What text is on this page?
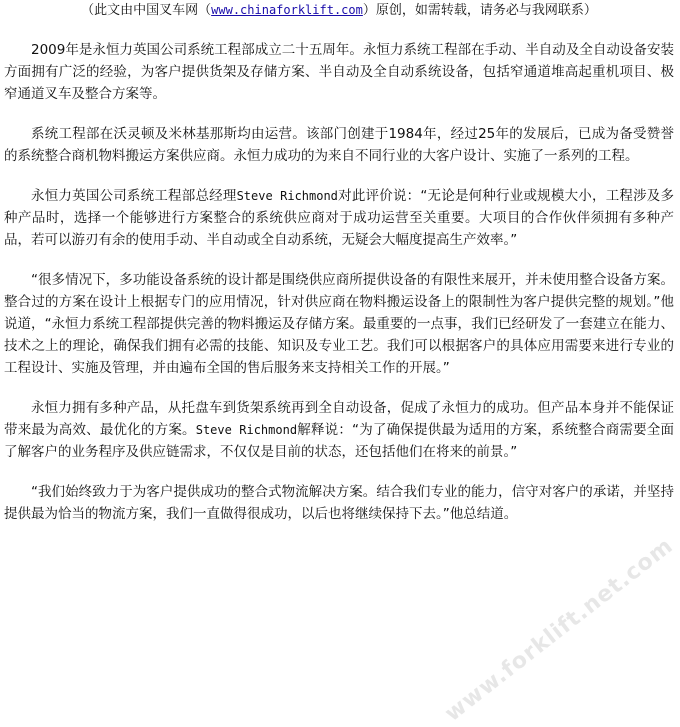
（此文由中国叉车网（www.chinaforklift.com）原创，如需转载，请务必与我网联系）

2009年是永恒力英国公司系统工程部成立二十五周年。永恒力系统工程部在手动、半自动及全自动设备安装方面拥有广泛的经验，为客户提供货架及存储方案、半自动及全自动系统设备，包括窄通道堆高起重机项目、极窄通道叉车及整合方案等。

系统工程部在沃灵顿及米林基那斯均由运营。该部门创建于1984年，经过25年的发展后，已成为备受赞誉的系统整合商机物料搬运方案供应商。永恒力成功的为来自不同行业的大客户设计、实施了一系列的工程。

永恒力英国公司系统工程部总经理Steve Richmond对此评价说：“无论是何种行业或规模大小，工程涉及多种产品时，选择一个能够进行方案整合的系统供应商对于成功运营至关重要。大项目的合作伙伴须拥有多种产品，若可以游刃有余的使用手动、半自动或全自动系统，无疑会大幅度提高生产效率。”

“很多情况下，多功能设备系统的设计都是围绕供应商所提供设备的有限性来展开，并未使用整合设备方案。整合过的方案在设计上根据专门的应用情况，针对供应商在物料搬运设备上的限制性为客户提供完整的规划。”他说道，“永恒力系统工程部提供完善的物料搬运及存储方案。最重要的一点事，我们已经研发了一套建立在能力、技术之上的理论，确保我们拥有必需的技能、知识及专业工艺。我们可以根据客户的具体应用需要来进行专业的工程设计、实施及管理，并由遍布全国的售后服务来支持相关工作的开展。”

永恒力拥有多种产品，从托盘车到货架系统再到全自动设备，促成了永恒力的成功。但产品本身并不能保证带来最为高效、最优化的方案。Steve Richmond解释说：“为了确保提供最为适用的方案，系统整合商需要全面了解客户的业务程序及供应链需求，不仅仅是目前的状态，还包括他们在将来的前景。”

“我们始终致力于为客户提供成功的整合式物流解决方案。结合我们专业的能力，信守对客户的承诺，并坚持提供最为恰当的物流方案，我们一直做得很成功，以后也将继续保持下去。”他总结道。

www.forklift.net.com
